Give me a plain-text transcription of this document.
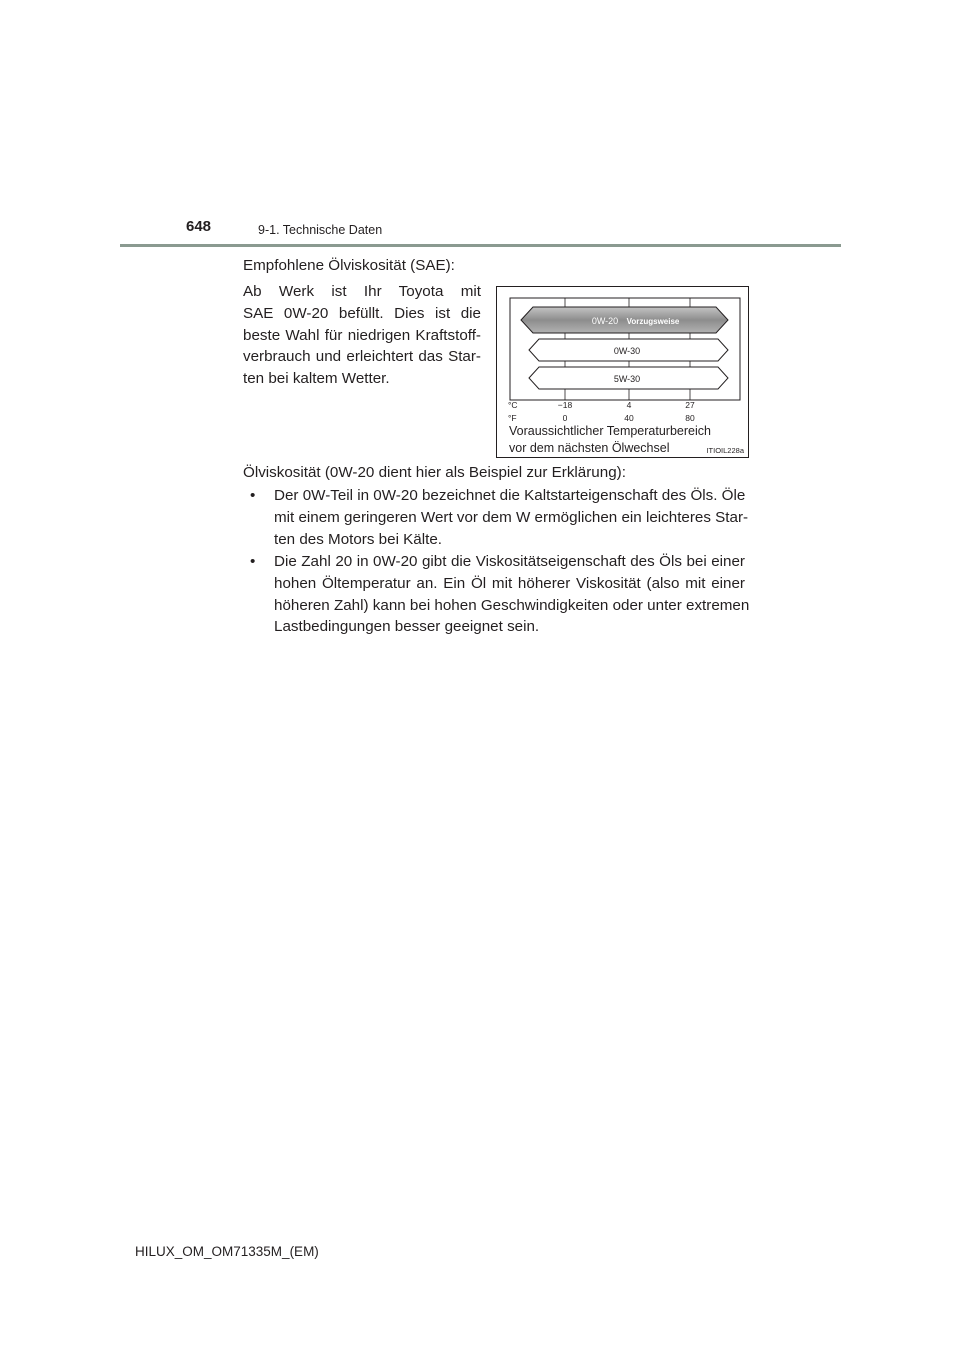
648	9-1. Technische Daten
Empfohlene Ölviskosität (SAE):
Ab Werk ist Ihr Toyota mit
SAE 0W-20 befüllt. Dies ist die
beste Wahl für niedrigen Kraftstoff-
verbrauch und erleichtert das Star-
ten bei kaltem Wetter.
0W-20 Vorzugsweise
0W-30
5W-30
°C	−18	4	27
°F	0	40	80
Voraussichtlicher Temperaturbereich
vor dem nächsten Ölwechsel	ITIOIL228a
Ölviskosität (0W-20 dient hier als Beispiel zur Erklärung):
• Der 0W-Teil in 0W-20 bezeichnet die Kaltstarteigenschaft des Öls. Öle
mit einem geringeren Wert vor dem W ermöglichen ein leichteres Star-
ten des Motors bei Kälte.
• Die Zahl 20 in 0W-20 gibt die Viskositätseigenschaft des Öls bei einer
hohen Öltemperatur an. Ein Öl mit höherer Viskosität (also mit einer
höheren Zahl) kann bei hohen Geschwindigkeiten oder unter extremen
Lastbedingungen besser geeignet sein.
HILUX_OM_OM71335M_(EM)
